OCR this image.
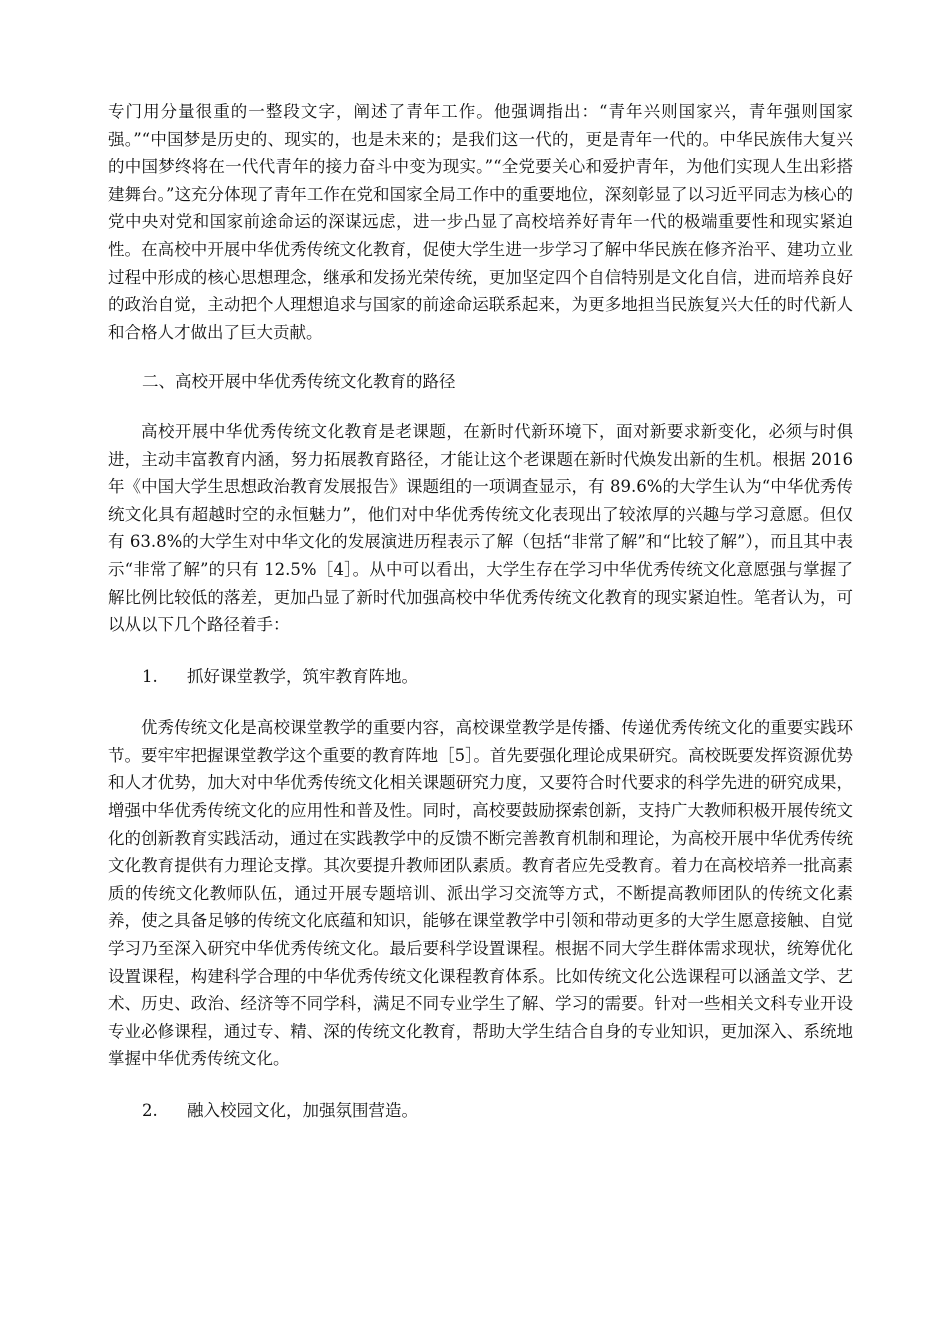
专门用分量很重的一整段文字，阐述了青年工作。他强调指出：“青年兴则国家兴，青年强则国家强。”“中国梦是历史的、现实的，也是未来的；是我们这一代的，更是青年一代的。中华民族伟大复兴的中国梦终将在一代代青年的接力奋斗中变为现实。”“全党要关心和爱护青年，为他们实现人生出彩搭建舞台。”这充分体现了青年工作在党和国家全局工作中的重要地位，深刻彰显了以习近平同志为核心的党中央对党和国家前途命运的深谋远虑，进一步凸显了高校培养好青年一代的极端重要性和现实紧迫性。在高校中开展中华优秀传统文化教育，促使大学生进一步学习了解中华民族在修齐治平、建功立业过程中形成的核心思想理念，继承和发扬光荣传统，更加坚定四个自信特别是文化自信，进而培养良好的政治自觉，主动把个人理想追求与国家的前途命运联系起来，为更多地担当民族复兴大任的时代新人和合格人才做出了巨大贡献。

二、高校开展中华优秀传统文化教育的路径

高校开展中华优秀传统文化教育是老课题，在新时代新环境下，面对新要求新变化，必须与时俱进，主动丰富教育内涵，努力拓展教育路径，才能让这个老课题在新时代焕发出新的生机。根据 2016 年《中国大学生思想政治教育发展报告》课题组的一项调查显示，有 89.6%的大学生认为“中华优秀传统文化具有超越时空的永恒魅力”，他们对中华优秀传统文化表现出了较浓厚的兴趣与学习意愿。但仅有 63.8%的大学生对中华文化的发展演进历程表示了解（包括“非常了解”和“比较了解”），而且其中表示“非常了解”的只有 12.5%［4］。从中可以看出，大学生存在学习中华优秀传统文化意愿强与掌握了解比例比较低的落差，更加凸显了新时代加强高校中华优秀传统文化教育的现实紧迫性。笔者认为，可以从以下几个路径着手：

1. 抓好课堂教学，筑牢教育阵地。

优秀传统文化是高校课堂教学的重要内容，高校课堂教学是传播、传递优秀传统文化的重要实践环节。要牢牢把握课堂教学这个重要的教育阵地［5］。首先要强化理论成果研究。高校既要发挥资源优势和人才优势，加大对中华优秀传统文化相关课题研究力度，又要符合时代要求的科学先进的研究成果，增强中华优秀传统文化的应用性和普及性。同时，高校要鼓励探索创新，支持广大教师积极开展传统文化的创新教育实践活动，通过在实践教学中的反馈不断完善教育机制和理论，为高校开展中华优秀传统文化教育提供有力理论支撑。其次要提升教师团队素质。教育者应先受教育。着力在高校培养一批高素质的传统文化教师队伍，通过开展专题培训、派出学习交流等方式，不断提高教师团队的传统文化素养，使之具备足够的传统文化底蕴和知识，能够在课堂教学中引领和带动更多的大学生愿意接触、自觉学习乃至深入研究中华优秀传统文化。最后要科学设置课程。根据不同大学生群体需求现状，统筹优化设置课程，构建科学合理的中华优秀传统文化课程教育体系。比如传统文化公选课程可以涵盖文学、艺术、历史、政治、经济等不同学科，满足不同专业学生了解、学习的需要。针对一些相关文科专业开设专业必修课程，通过专、精、深的传统文化教育，帮助大学生结合自身的专业知识，更加深入、系统地掌握中华优秀传统文化。

2. 融入校园文化，加强氛围营造。
